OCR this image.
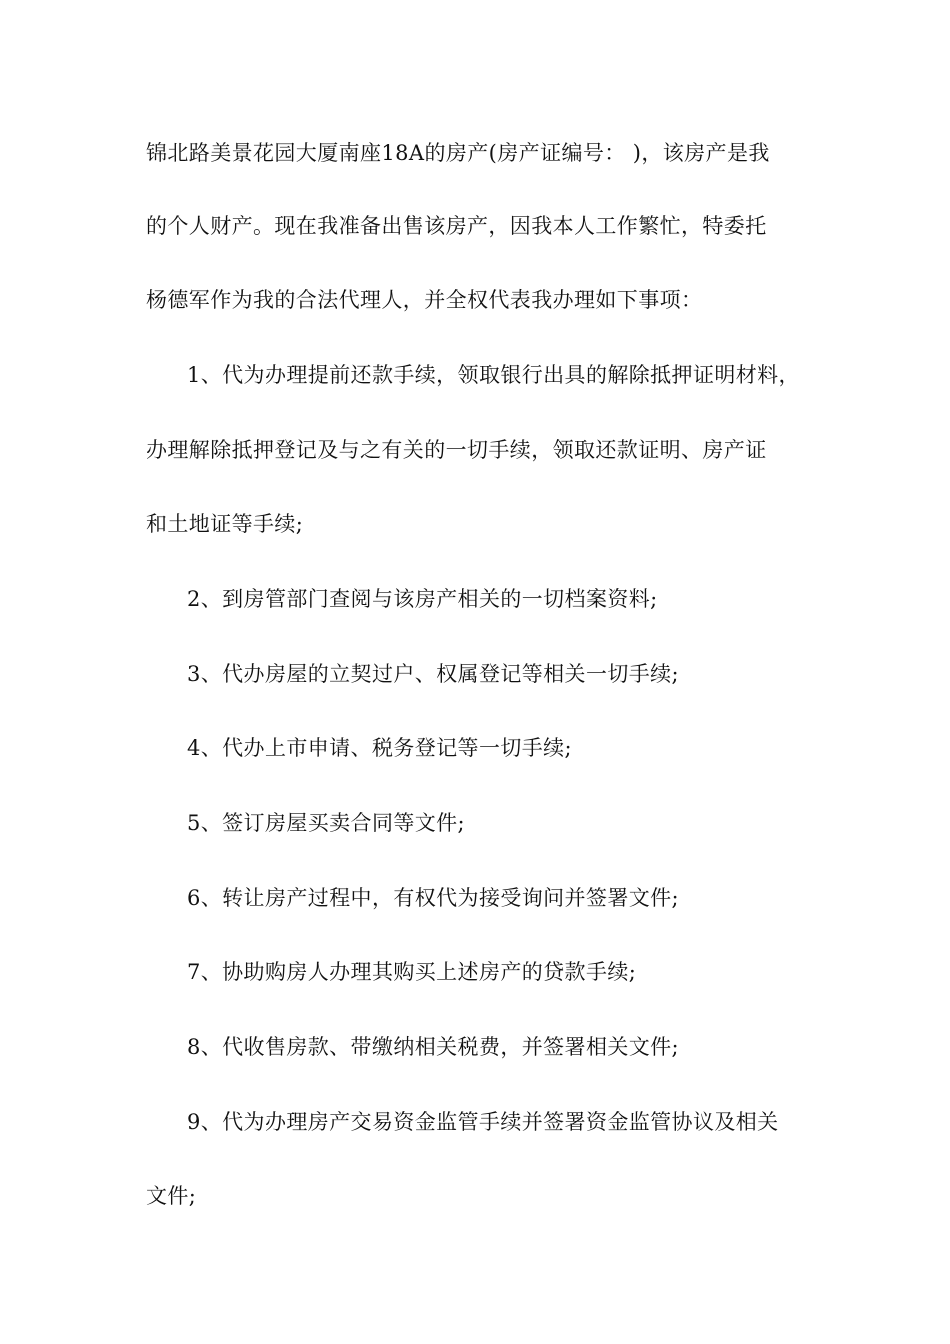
锦北路美景花园大厦南座18A的房产(房产证编号： )，该房产是我
的个人财产。现在我准备出售该房产，因我本人工作繁忙，特委托
杨德军作为我的合法代理人，并全权代表我办理如下事项：
1、代为办理提前还款手续，领取银行出具的解除抵押证明材料，
办理解除抵押登记及与之有关的一切手续，领取还款证明、房产证
和土地证等手续;
2、到房管部门查阅与该房产相关的一切档案资料;
3、代办房屋的立契过户、权属登记等相关一切手续;
4、代办上市申请、税务登记等一切手续;
5、签订房屋买卖合同等文件;
6、转让房产过程中，有权代为接受询问并签署文件;
7、协助购房人办理其购买上述房产的贷款手续;
8、代收售房款、带缴纳相关税费，并签署相关文件;
9、代为办理房产交易资金监管手续并签署资金监管协议及相关
文件;
